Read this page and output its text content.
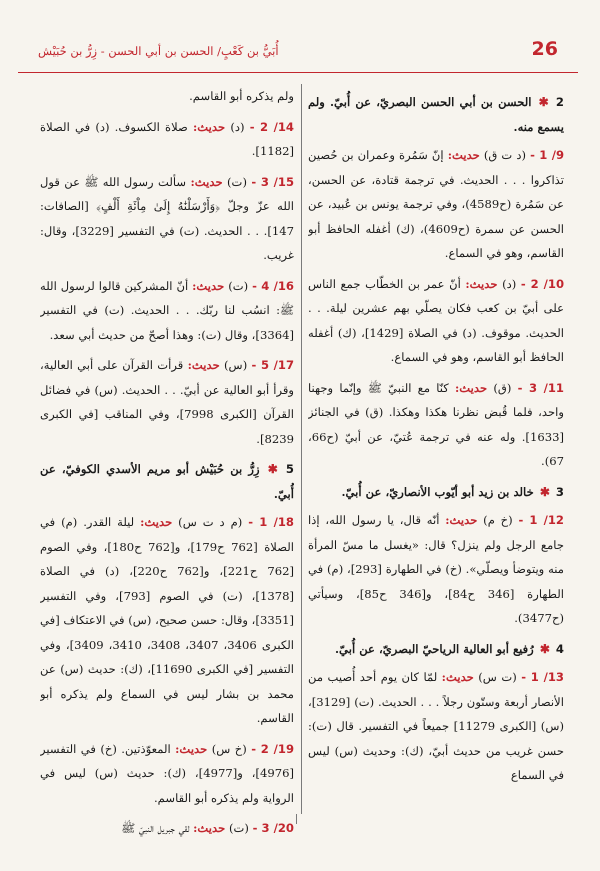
26
أُبَيُّ بن كَعْبٍ/ الحسن بن أبي الحسن - زِرُّ بن حُبَيْش
2 ✱ الحسن بن أبي الحسن البصريّ، عن أُبيّ. ولم يسمع منه.

9/ 1 - (د ت ق) حديث: إنّ سَمُرة وعمران بن حُصين تذاكروا . . . الحديث. في ترجمة قتادة، عن الحسن، عن سَمُرة (ح4589)، وفي ترجمة يونس بن عُبيد، عن الحسن عن سمرة (ح4609)، (ك) أغفله الحافظ أبو القاسم، وهو في السماع.

10/ 2 - (د) حديث: أنّ عمر بن الخطّاب جمع الناس على أبيّ بن كعب فكان يصلّي بهم عشرين ليلة. . . الحديث. موقوف. (د) في الصلاة [1429]، (ك) أغفله الحافظ أبو القاسم، وهو في السماع.

11/ 3 - (ق) حديث: كنّا مع النبيّ ﷺ وإنّما وجهنا واحد، فلما قُبض نظرنا هكذا وهكذا. (ق) في الجنائز [1633]. وله عنه في ترجمة عُتيّ، عن أبيّ (ح66، 67).

3 ✱ خالد بن زيد أبو أيّوب الأنصاريّ، عن أُبيّ.

12/ 1 - (خ م) حديث: أنّه قال، يا رسول الله، إذا جامع الرجل ولم ينزل؟ قال: «يغسل ما مسّ المرأة منه ويتوضأ ويصلّي». (خ) في الطهارة [293]، (م) في الطهارة [346 ح84]، و[346 ح85]، وسيأتي (ح3477).

4 ✱ رُفيع أبو العالية الرياحيّ البصريّ، عن أُبيّ.

13/ 1 - (ت س) حديث: لمّا كان يوم أحد أُصيب من الأنصار أربعة وستّون رجلاً . . . الحديث. (ت) [3129]، (س) [الكبرى 11279] جميعاً في التفسير. قال (ت): حسن غريب من حديث أبيّ، (ك): وحديث (س) ليس في السماع

ولم يذكره أبو القاسم.

14/ 2 - (د) حديث: صلاة الكسوف. (د) في الصلاة [1182].

15/ 3 - (ت) حديث: سألت رسول الله ﷺ عن قول الله عزّ وجلّ ﴿وَأَرْسَلْنَٰهُ إِلَىٰ مِاْئَةِ أَلْفٍ﴾ [الصافات: 147]. . . الحديث. (ت) في التفسير [3229]، وقال: غريب.

16/ 4 - (ت) حديث: أنّ المشركين قالوا لرسول الله ﷺ: انسُب لنا ربّك. . . الحديث. (ت) في التفسير [3364]، وقال (ت): وهذا أصحّ من حديث أبي سعد.

17/ 5 - (س) حديث: قرأت القرآن على أبي العالية، وقرأ أبو العالية عن أبيّ. . . الحديث. (س) في فضائل القرآن [الكبرى 7998]، وفي المناقب [في الكبرى 8239].

5 ✱ زِرُّ بن حُبَيْش أبو مريم الأسدي الكوفيّ، عن أُبيّ.

18/ 1 - (م د ت س) حديث: ليلة القدر. (م) في الصلاة [762 ح179]، و[762 ح180]، وفي الصوم [762 ح221]، و[762 ح220]، (د) في الصلاة [1378]، (ت) في الصوم [793]، وفي التفسير [3351]، وقال: حسن صحيح، (س) في الاعتكاف [في الكبرى 3406، 3407، 3408، 3410، 3409]، وفي التفسير [في الكبرى 11690]، (ك): حديث (س) عن محمد بن بشار ليس في السماع ولم يذكره أبو القاسم.

19/ 2 - (خ س) حديث: المعوّذتين. (خ) في التفسير [4976]، و[4977]، (ك): حديث (س) ليس في الرواية ولم يذكره أبو القاسم.

20/ 3 - (ت) حديث: لقي جبريل النبيّ ﷺ
